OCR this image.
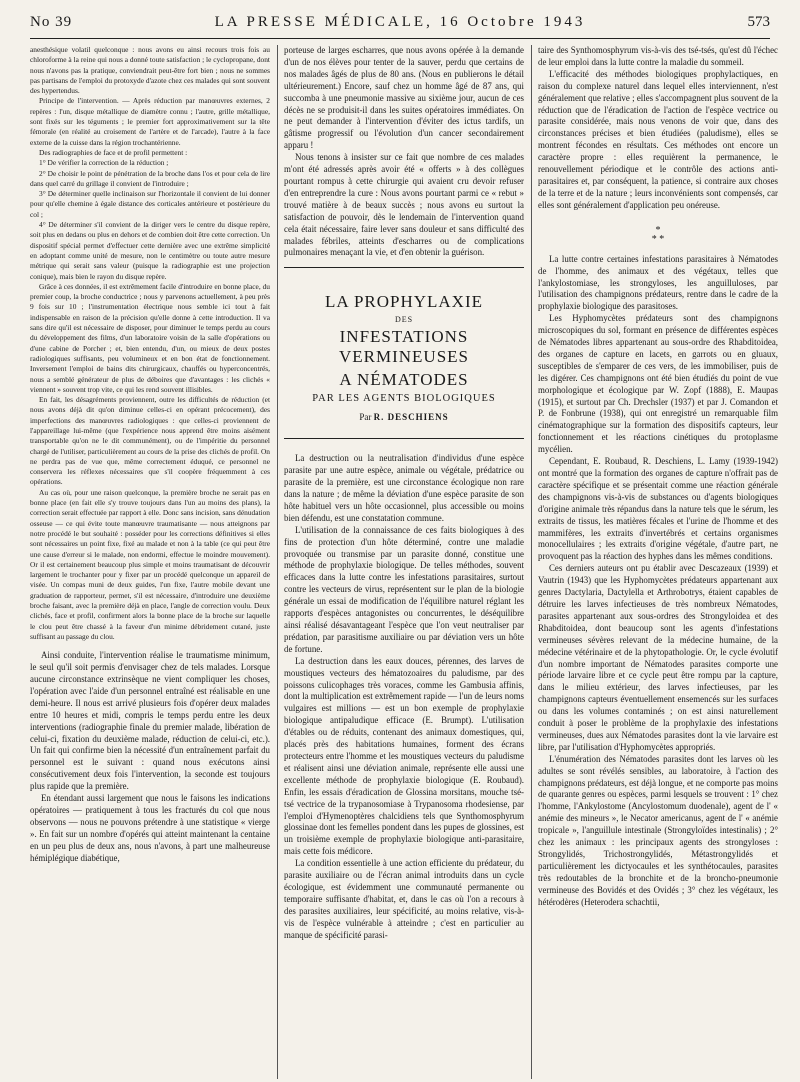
No 39	LA PRESSE MÉDICALE, 16 Octobre 1943	573

anesthésique volatil quelconque : nous avons eu ainsi recours trois fois au chloroforme à la reine qui nous a donné toute satisfaction ; le cyclopropane, dont nous n'avons pas la pratique, conviendrait peut-être fort bien ; nous ne sommes pas partisans de l'emploi du protoxyde d'azote chez ces malades qui sont souvent des hypertendus.

Principe de l'intervention. — Après réduction par manœuvres externes, 2 repères : l'un, disque métallique de diamètre connu ; l'autre, grille métallique, sont fixés sur les téguments ; le premier fort approximativement sur la tête fémorale (en réalité au croisement de l'artère et de l'arcade), l'autre à la face externe de la cuisse dans la région trochantérienne.

Des radiographies de face et de profil permettent :

1° De vérifier la correction de la réduction ;

2° De choisir le point de pénétration de la broche dans l'os et pour cela de lire dans quel carré du grillage il convient de l'introduire ;

3° De déterminer quelle inclinaison sur l'horizontale il convient de lui donner pour qu'elle chemine à égale distance des corticales antérieure et postérieure du col ;

4° De déterminer s'il convient de la diriger vers le centre du disque repère, soit plus en dedans ou plus en dehors et de combien doit être cette correction. Un dispositif spécial permet d'effectuer cette dernière avec une extrême simplicité en adoptant comme unité de mesure, non le centimètre ou toute autre mesure métrique qui serait sans valeur (puisque la radiographie est une projection conique), mais bien le rayon du disque repère.

Grâce à ces données, il est extrêmement facile d'introduire en bonne place, du premier coup, la broche conductrice ; nous y parvenons actuellement, à peu près 9 fois sur 10 ; l'instrumentation électrique nous semble ici tout à fait indispensable en raison de la précision qu'elle donne à cette introduction. Il va sans dire qu'il est nécessaire de disposer, pour diminuer le temps perdu au cours du développement des films, d'un laboratoire voisin de la salle d'opérations ou d'une cabine de Porcher ; et, bien entendu, d'un, ou mieux de deux postes radiologiques suffisants, peu volumineux et en bon état de fonctionnement. Inversement l'emploi de bains dits chirurgicaux, chauffés ou hyperconcentrés, nous a semblé générateur de plus de déboires que d'avantages : les clichés « viennent » souvent trop vite, ce qui les rend souvent illisibles.

En fait, les désagréments proviennent, outre les difficultés de réduction (et nous avons déjà dit qu'on diminue celles-ci en opérant précocement), des imperfections des manœuvres radiologiques : que celles-ci proviennent de l'appareillage lui-même (que l'expérience nous apprend être moins aisément transportable qu'on ne le dit communément), ou de l'impéritie du personnel chargé de l'utiliser, particulièrement au cours de la prise des clichés de profil. On ne perdra pas de vue que, même correctement éduqué, ce personnel ne conservera les réflexes nécessaires que s'il coopère fréquemment à ces opérations.

Au cas où, pour une raison quelconque, la première broche ne serait pas en bonne place (en fait elle s'y trouve toujours dans l'un au moins des plans), la correction serait effectuée par rapport à elle. Donc sans incision, sans dénudation osseuse — ce qui évite toute manœuvre traumatisante — nous atteignons par notre procédé le but souhaité : posséder pour les corrections définitives si elles sont nécessaires un point fixe, fixé au malade et non à la table (ce qui peut être une cause d'erreur si le malade, non endormi, effectue le moindre mouvement). Or il est certainement beaucoup plus simple et moins traumatisant de découvrir largement le trochanter pour y fixer par un procédé quelconque un appareil de visée. Un compas muni de deux guides, l'un fixe, l'autre mobile devant une graduation de rapporteur, permet, s'il est nécessaire, d'introduire une deuxième broche faisant, avec la première déjà en place, l'angle de correction voulu. Deux clichés, face et profil, confirment alors la bonne place de la broche sur laquelle le clou peut être chassé à la faveur d'un minime débridement cutané, juste suffisant au passage du clou.

Ainsi conduite, l'intervention réalise le traumatisme minimum, le seul qu'il soit permis d'envisager chez de tels malades. Lorsque aucune circonstance extrinsèque ne vient compliquer les choses, l'opération avec l'aide d'un personnel entraîné est réalisable en une demi-heure. Il nous est arrivé plusieurs fois d'opérer deux malades entre 10 heures et midi, compris le temps perdu entre les deux interventions (radiographie finale du premier malade, libération de celui-ci, fixation du deuxième malade, réduction de celui-ci, etc.). Un fait qui confirme bien la nécessité d'un entraînement parfait du personnel est le suivant : quand nous exécutons ainsi consécutivement deux fois l'intervention, la seconde est toujours plus rapide que la première.

En étendant aussi largement que nous le faisons les indications opératoires — pratiquement à tous les fracturés du col que nous observons — nous ne pouvons prétendre à une statistique « vierge ». En fait sur un nombre d'opérés qui atteint maintenant la centaine en un peu plus de deux ans, nous n'avons, à part une malheureuse hémiplégique diabétique,

porteuse de larges escharres, que nous avons opérée à la demande d'un de nos élèves pour tenter de la sauver, perdu que certains de nos malades âgés de plus de 80 ans. (Nous en publierons le détail ultérieurement.) Encore, sauf chez un homme âgé de 87 ans, qui succomba à une pneumonie massive au sixième jour, aucun de ces décès ne se produisit-il dans les suites opératoires immédiates. On ne peut demander à l'intervention d'éviter des ictus tardifs, un gâtisme progressif ou l'évolution d'un cancer secondairement apparu !

Nous tenons à insister sur ce fait que nombre de ces malades m'ont été adressés après avoir été « offerts » à des collègues pourtant rompus à cette chirurgie qui avaient cru devoir refuser d'en entreprendre la cure : Nous avons pourtant parmi ce « rebut » trouvé matière à de beaux succès ; nous avons eu surtout la satisfaction de pouvoir, dès le lendemain de l'intervention quand cela était nécessaire, faire lever sans douleur et sans difficulté des malades fébriles, atteints d'escharres ou de complications pulmonaires menaçant la vie, et d'en obtenir la guérison.

LA PROPHYLAXIE
DES
INFESTATIONS VERMINEUSES
A NÉMATODES
PAR LES AGENTS BIOLOGIQUES
Par R. DESCHIENS

La destruction ou la neutralisation d'individus d'une espèce parasite par une autre espèce, animale ou végétale, prédatrice ou parasite de la première, est une circonstance écologique non rare dans la nature ; de même la déviation d'une espèce parasite de son hôte habituel vers un hôte occasionnel, plus accessible ou moins bien défendu, est une constatation commune.

L'utilisation de la connaissance de ces faits biologiques à des fins de protection d'un hôte déterminé, contre une maladie provoquée ou transmise par un parasite donné, constitue une méthode de prophylaxie biologique. De telles méthodes, souvent efficaces dans la lutte contre les infestations parasitaires, surtout contre les vecteurs de virus, représentent sur le plan de la biologie générale un essai de modification de l'équilibre naturel réglant les rapports d'espèces antagonistes ou concurrentes, le déséquilibre ainsi réalisé désavantageant l'espèce que l'on veut neutraliser par prédation, par parasitisme auxiliaire ou par déviation vers un hôte de fortune.

La destruction dans les eaux douces, pérennes, des larves de moustiques vecteurs des hématozoaires du paludisme, par des poissons culicophages très voraces, comme les Gambusia affinis, dont la multiplication est extrêmement rapide — l'un de leurs noms vulgaires est millions — est un bon exemple de prophylaxie biologique antipaludique efficace (E. Brumpt). L'utilisation d'étables ou de réduits, contenant des animaux domestiques, qui, placés près des habitations humaines, forment des écrans protecteurs entre l'homme et les moustiques vecteurs du paludisme et réalisent ainsi une déviation animale, représente elle aussi une excellente méthode de prophylaxie biologique (E. Roubaud). Enfin, les essais d'éradication de Glossina morsitans, mouche tsé-tsé vectrice de la trypanosomiase à Trypanosoma rhodesiense, par l'emploi d'Hymenoptères chalcidiens tels que Synthomosphyrum glossinae dont les femelles pondent dans les pupes de glossines, est un troisième exemple de prophylaxie biologique anti-parasitaire, mais cette fois médicore.

La condition essentielle à une action efficiente du prédateur, du parasite auxiliaire ou de l'écran animal introduits dans un cycle écologique, est évidemment une communauté permanente ou temporaire suffisante d'habitat, et, dans le cas où l'on a recours à des parasites auxiliaires, leur spécificité, au moins relative, vis-à-vis de l'espèce vulnérable à atteindre ; c'est en particulier au manque de spécificité parasi-

taire des Synthomosphyrum vis-à-vis des tsé-tsés, qu'est dû l'échec de leur emploi dans la lutte contre la maladie du sommeil.

L'efficacité des méthodes biologiques prophylactiques, en raison du complexe naturel dans lequel elles interviennent, n'est généralement que relative ; elles s'accompagnent plus souvent de la réduction que de l'éradication de l'action de l'espèce vectrice ou parasite considérée, mais nous venons de voir que, dans des circonstances précises et bien étudiées (paludisme), elles se montrent fécondes en résultats. Ces méthodes ont encore un caractère propre : elles requièrent la permanence, le renouvellement périodique et le contrôle des actions anti-parasitaires et, par conséquent, la patience, si contraire aux choses de la terre et de la nature ; leurs inconvénients sont compensés, car elles sont généralement d'application peu onéreuse.

*
* *

La lutte contre certaines infestations parasitaires à Nématodes de l'homme, des animaux et des végétaux, telles que l'ankylostomiase, les strongyloses, les anguilluloses, par l'utilisation des champignons prédateurs, rentre dans le cadre de la prophylaxie biologique des parasitoses.

Les Hyphomycètes prédateurs sont des champignons microscopiques du sol, formant en présence de différentes espèces de Nématodes libres appartenant au sous-ordre des Rhabditoidea, des organes de capture en lacets, en garrots ou en gluaux, susceptibles de s'emparer de ces vers, de les immobiliser, puis de les digérer. Ces champignons ont été bien étudiés du point de vue morphologique et écologique par W. Zopf (1888), E. Maupas (1915), et surtout par Ch. Drechsler (1937) et par J. Comandon et P. de Fonbrune (1938), qui ont enregistré un remarquable film cinématographique sur la formation des dispositifs capteurs, leur fonctionnement et les réactions cinétiques du protoplasme mycélien.

Cependant, E. Roubaud, R. Deschiens, L. Lamy (1939-1942) ont montré que la formation des organes de capture n'offrait pas de caractère spécifique et se présentait comme une réaction générale des champignons vis-à-vis de substances ou d'agents biologiques d'origine animale très répandus dans la nature tels que le sérum, les extraits de tissus, les matières fécales et l'urine de l'homme et des mammifères, les extraits d'invertébrés et certains organismes monocellulaires ; les extraits d'origine végétale, d'autre part, ne provoquent pas la réaction des hyphes dans les mêmes conditions.

Ces derniers auteurs ont pu établir avec Descazeaux (1939) et Vautrin (1943) que les Hyphomycètes prédateurs appartenant aux genres Dactylaria, Dactylella et Arthrobotrys, étaient capables de détruire les larves infectieuses de très nombreux Nématodes, parasites appartenant aux sous-ordres des Strongyloidea et des Rhabditoidea, dont beaucoup sont les agents d'infestations vermineuses sévères relevant de la médecine humaine, de la médecine vétérinaire et de la phytopathologie. Or, le cycle évolutif d'un nombre important de Nématodes parasites comporte une période larvaire libre et ce cycle peut être rompu par la capture, dans le milieu extérieur, des larves infectieuses, par les champignons capteurs éventuellement ensemencés sur les surfaces ou dans les volumes contaminés ; on est ainsi naturellement conduit à poser le problème de la prophylaxie des infestations vermineuses, dues aux Nématodes parasites dont la vie larvaire est libre, par l'utilisation d'Hyphomycètes appropriés.

L'énumération des Nématodes parasites dont les larves où les adultes se sont révélés sensibles, au laboratoire, à l'action des champignons prédateurs, est déjà longue, et ne comporte pas moins de quarante genres ou espèces, parmi lesquels se trouvent : 1° chez l'homme, l'Ankylostome (Ancylostomum duodenale), agent de l' « anémie des mineurs », le Necator americanus, agent de l' « anémie tropicale », l'anguillule intestinale (Strongyloïdes intestinalis) ; 2° chez les animaux : les principaux agents des strongyloses : Strongylidés, Trichostrongylidés, Métastrongylidés et particulièrement les dictyocaules et les synthétocaules, parasites très redoutables de la bronchite et de la broncho-pneumonie vermineuse des Bovidés et des Ovidés ; 3° chez les végétaux, les hétérodères (Heterodera schachtii,
